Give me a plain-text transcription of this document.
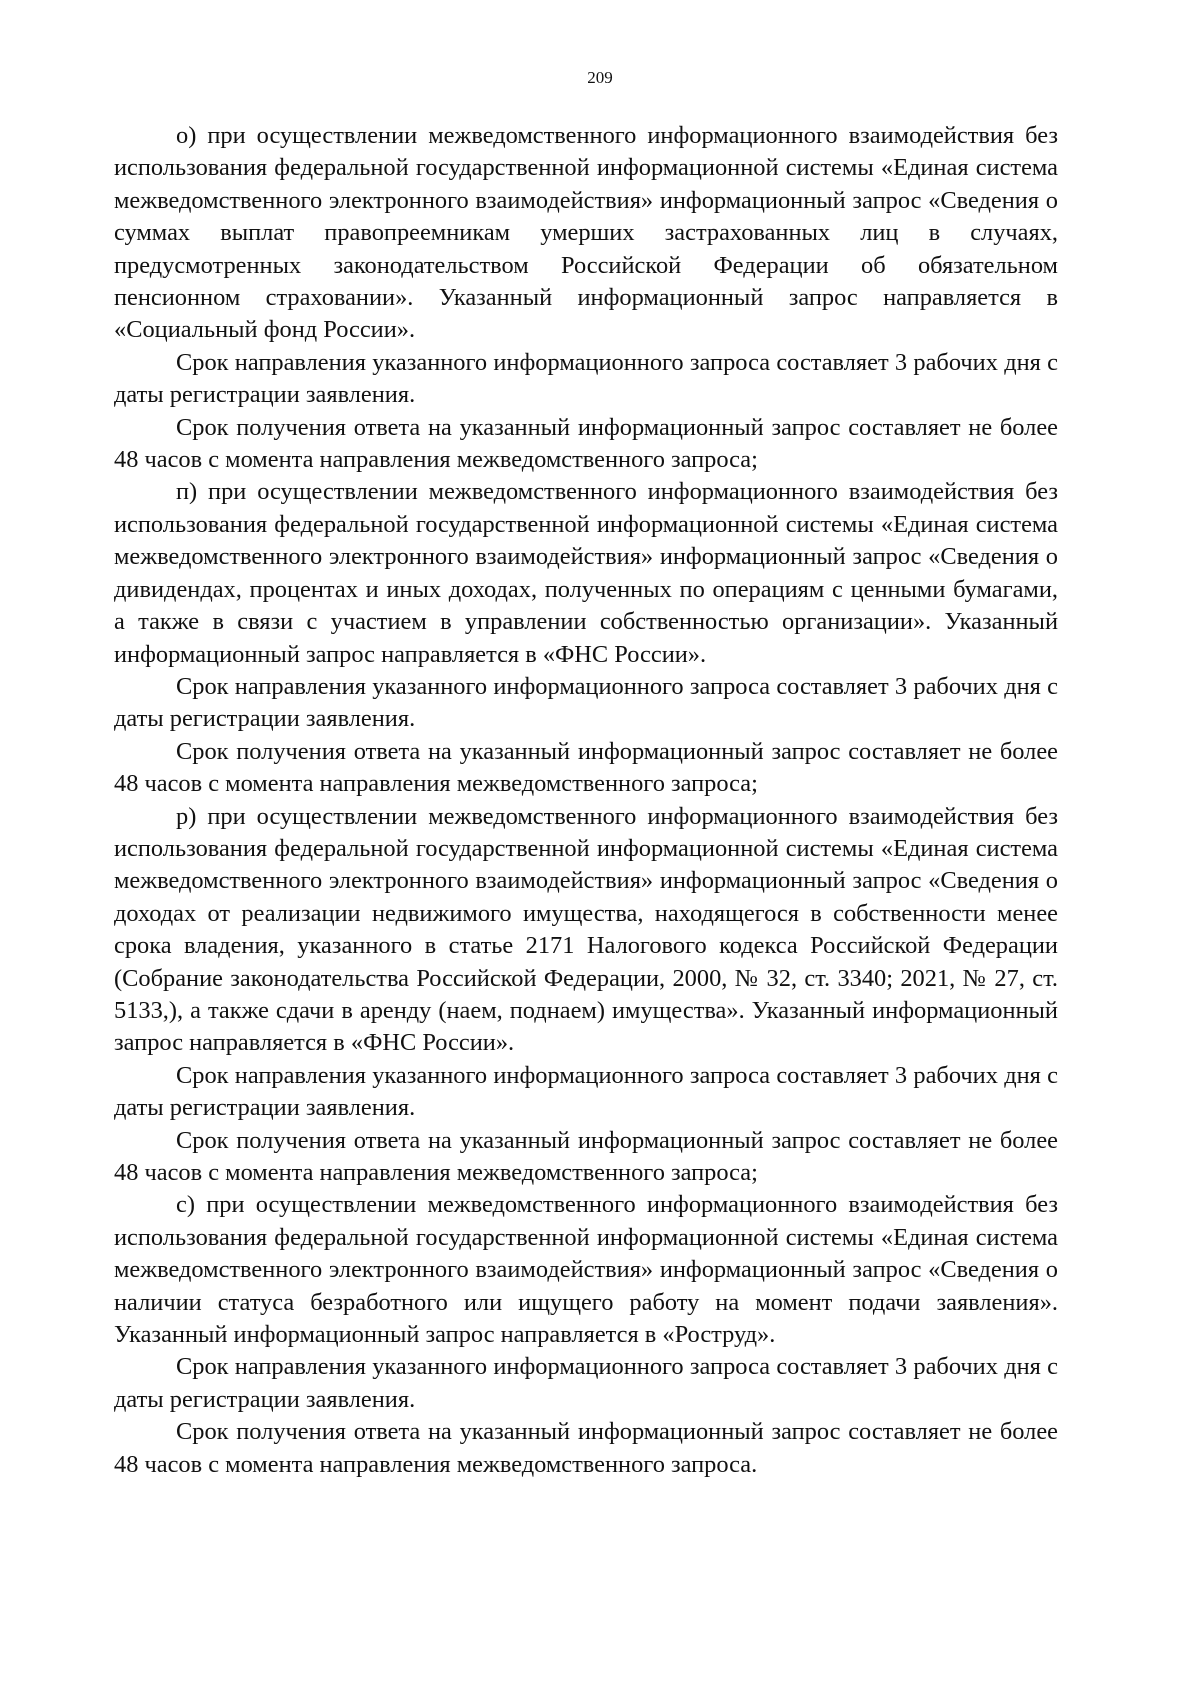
209

о) при осуществлении межведомственного информационного взаимодействия без использования федеральной государственной информационной системы «Единая система межведомственного электронного взаимодействия» информационный запрос «Сведения о суммах выплат правопреемникам умерших застрахованных лиц в случаях, предусмотренных законодательством Российской Федерации об обязательном пенсионном страховании». Указанный информационный запрос направляется в «Социальный фонд России».

Срок направления указанного информационного запроса составляет 3 рабочих дня с даты регистрации заявления.

Срок получения ответа на указанный информационный запрос составляет не более 48 часов с момента направления межведомственного запроса;

п) при осуществлении межведомственного информационного взаимодействия без использования федеральной государственной информационной системы «Единая система межведомственного электронного взаимодействия» информационный запрос «Сведения о дивидендах, процентах и иных доходах, полученных по операциям с ценными бумагами, а также в связи с участием в управлении собственностью организации». Указанный информационный запрос направляется в «ФНС России».

Срок направления указанного информационного запроса составляет 3 рабочих дня с даты регистрации заявления.

Срок получения ответа на указанный информационный запрос составляет не более 48 часов с момента направления межведомственного запроса;

р) при осуществлении межведомственного информационного взаимодействия без использования федеральной государственной информационной системы «Единая система межведомственного электронного взаимодействия» информационный запрос «Сведения о доходах от реализации недвижимого имущества, находящегося в собственности менее срока владения, указанного в статье 2171 Налогового кодекса Российской Федерации (Собрание законодательства Российской Федерации, 2000, № 32, ст. 3340; 2021, № 27, ст. 5133,), а также сдачи в аренду (наем, поднаем) имущества». Указанный информационный запрос направляется в «ФНС России».

Срок направления указанного информационного запроса составляет 3 рабочих дня с даты регистрации заявления.

Срок получения ответа на указанный информационный запрос составляет не более 48 часов с момента направления межведомственного запроса;

с) при осуществлении межведомственного информационного взаимодействия без использования федеральной государственной информационной системы «Единая система межведомственного электронного взаимодействия» информационный запрос «Сведения о наличии статуса безработного или ищущего работу на момент подачи заявления». Указанный информационный запрос направляется в «Роструд».

Срок направления указанного информационного запроса составляет 3 рабочих дня с даты регистрации заявления.

Срок получения ответа на указанный информационный запрос составляет не более 48 часов с момента направления межведомственного запроса.
